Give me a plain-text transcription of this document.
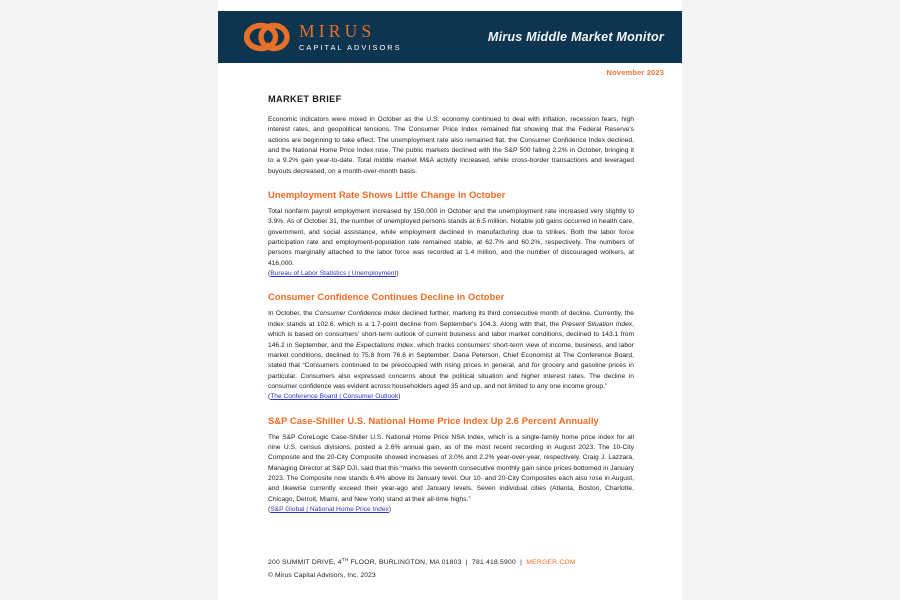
MIRUS
CAPITAL ADVISORS
Mirus Middle Market Monitor
November 2023
MARKET BRIEF

Economic indicators were mixed in October as the U.S. economy continued to deal with inflation, recession fears, high interest rates, and geopolitical tensions. The Consumer Price Index remained flat showing that the Federal Reserve's actions are beginning to take effect. The unemployment rate also remained flat, the Consumer Confidence Index declined, and the National Home Price Index rose. The public markets declined with the S&P 500 falling 2.2% in October, bringing it to a 9.2% gain year-to-date. Total middle market M&A activity increased, while cross-border transactions and leveraged buyouts decreased, on a month-over-month basis.

Unemployment Rate Shows Little Change in October

Total nonfarm payroll employment increased by 150,000 in October and the unemployment rate increased very slightly to 3.9%. As of October 31, the number of unemployed persons stands at 6.5 million. Notable job gains occurred in health care, government, and social assistance, while employment declined in manufacturing due to strikes. Both the labor force participation rate and employment-population rate remained stable, at 62.7% and 60.2%, respectively. The numbers of persons marginally attached to the labor force was recorded at 1.4 million, and the number of discouraged workers, at 416,000.

(Bureau of Labor Statistics | Unemployment)
Consumer Confidence Continues Decline in October

In October, the Consumer Confidence Index declined further, marking its third consecutive month of decline. Currently, the index stands at 102.6, which is a 1.7-point decline from September's 104.3. Along with that, the Present Situation Index, which is based on consumers' short-term outlook of current business and labor market conditions, declined to 143.1 from 146.2 in September, and the Expectations Index, which tracks consumers' short-term view of income, business, and labor market conditions, declined to 75.8 from 76.6 in September. Dana Peterson, Chief Economist at The Conference Board, stated that “Consumers continued to be preoccupied with rising prices in general, and for grocery and gasoline prices in particular. Consumers also expressed concerns about the political situation and higher interest rates. The decline in consumer confidence was evident across householders aged 35 and up, and not limited to any one income group.”

(The Conference Board | Consumer Outlook)
S&P Case-Shiller U.S. National Home Price Index Up 2.6 Percent Annually

The S&P CoreLogic Case-Shiller U.S. National Home Price NSA Index, which is a single-family home price index for all nine U.S. census divisions, posted a 2.6% annual gain, as of the most recent recording in August 2023. The 10-City Composite and the 20-City Composite showed increases of 3.0% and 2.2% year-over-year, respectively. Craig J. Lazzara, Managing Director at S&P DJI, said that this “marks the seventh consecutive monthly gain since prices bottomed in January 2023. The Composite now stands 6.4% above its January level. Our 10- and 20-City Composites each also rose in August, and likewise currently exceed their year-ago and January levels. Seven individual cities (Atlanta, Boston, Charlotte, Chicago, Detroit, Miami, and New York) stand at their all-time highs.”

(S&P Global | National Home Price Index)
200 SUMMIT DRIVE, 4TH FLOOR, BURLINGTON, MA 01803 | 781.418.5900 | MERGER.COM
© Mirus Capital Advisors, Inc. 2023
